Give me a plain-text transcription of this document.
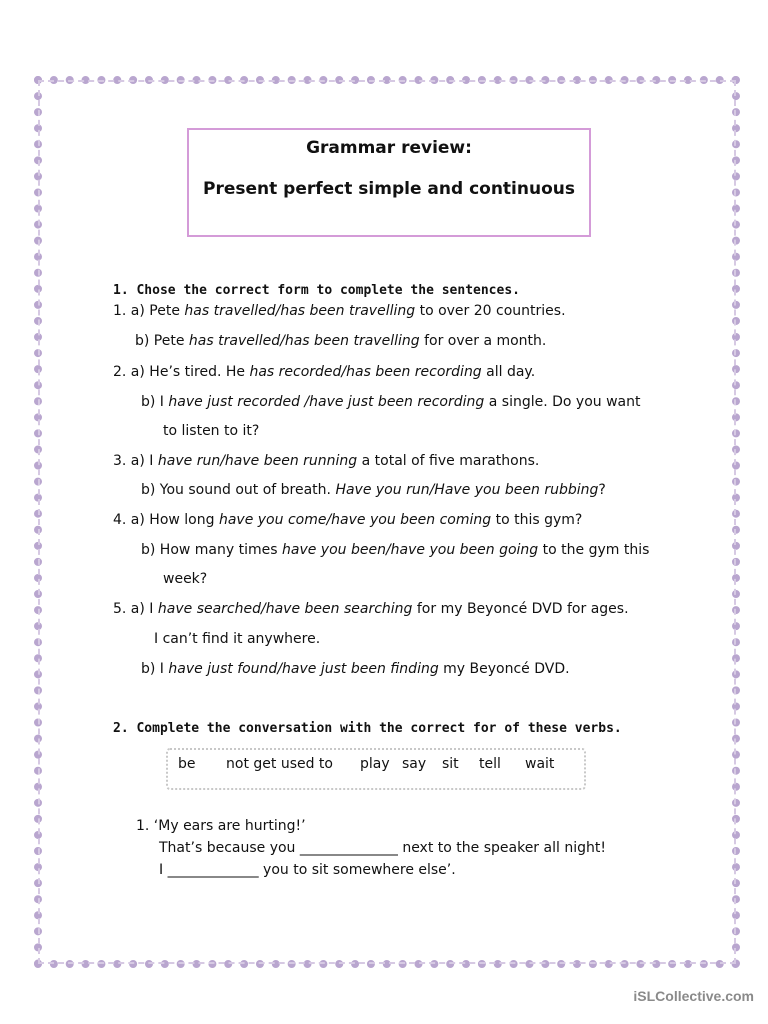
Grammar review:
Present perfect simple and continuous
1. Chose the correct form to complete the sentences.
1. a) Pete has travelled/has been travelling to over 20 countries.
b) Pete has travelled/has been travelling for over a month.
2. a) He’s tired. He has recorded/has been recording all day.
b) I have just recorded /have just been recording a single. Do you want
to listen to it?
3. a) I have run/have been running a total of five marathons.
b) You sound out of breath. Have you run/Have you been rubbing?
4. a) How long have you come/have you been coming to this gym?
b) How many times have you been/have you been going to the gym this
week?
5. a) I have searched/have been searching for my Beyoncé DVD for ages.
I can’t find it anywhere.
b) I have just found/have just been finding my Beyoncé DVD.
2. Complete the conversation with the correct for of these verbs.
be not get used to play say sit tell wait
1. ‘My ears are hurting!’
That’s because you ______________ next to the speaker all night!
I _____________ you to sit somewhere else’.
iSLCollective.com
